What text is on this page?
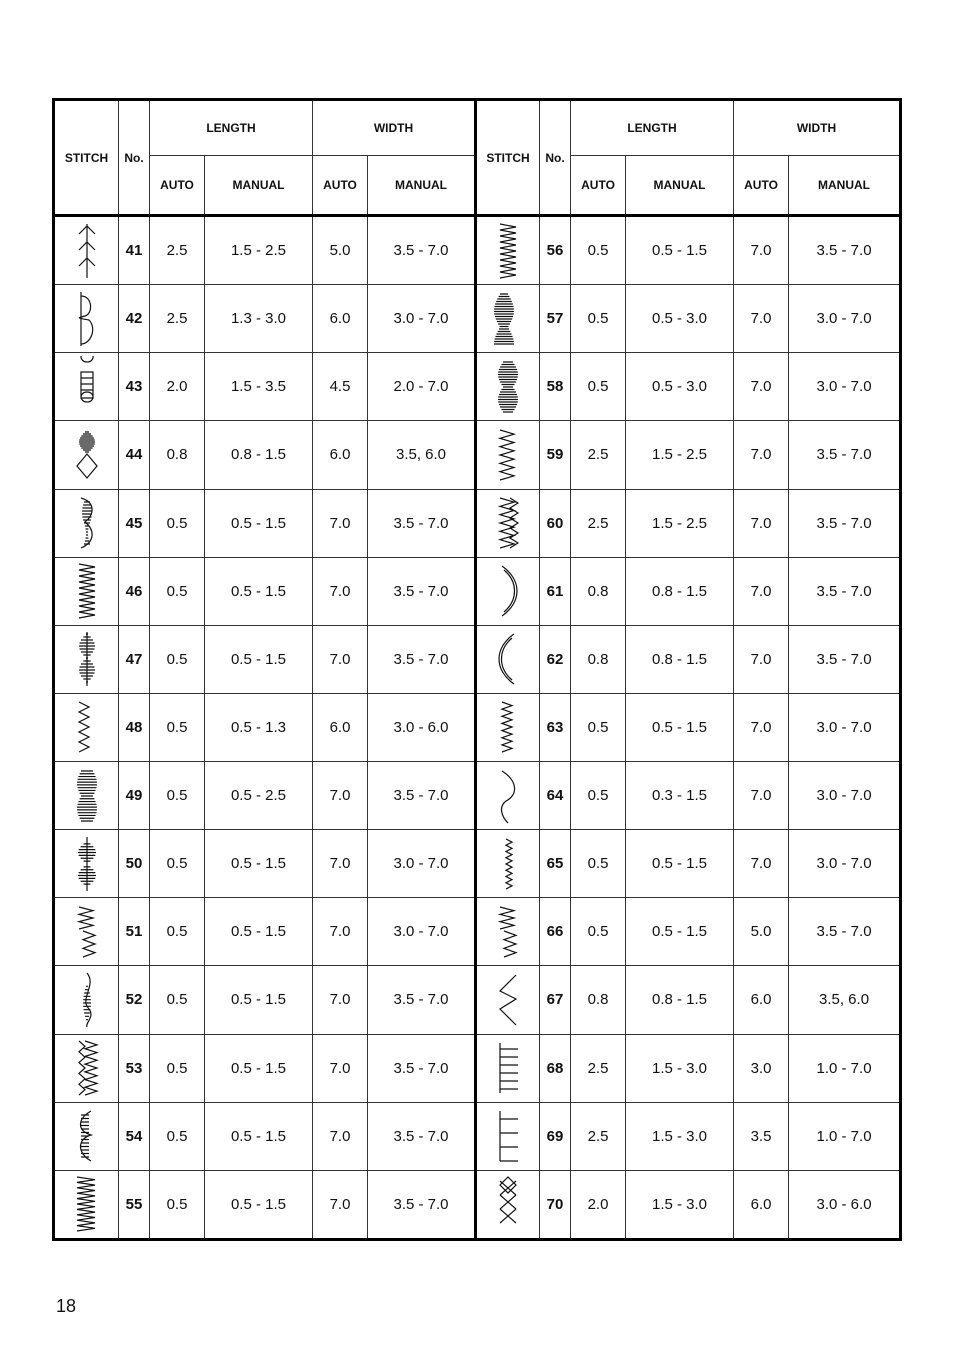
STITCH	No.	LENGTH		WIDTH		STITCH	No.	LENGTH		WIDTH	
		AUTO	MANUAL	AUTO	MANUAL			AUTO	MANUAL	AUTO	MANUAL

	41	2.5	1.5 - 2.5	5.0	3.5 - 7.0		56	0.5	0.5 - 1.5	7.0	3.5 - 7.0

	42	2.5	1.3 - 3.0	6.0	3.0 - 7.0		57	0.5	0.5 - 3.0	7.0	3.0 - 7.0

	43	2.0	1.5 - 3.5	4.5	2.0 - 7.0		58	0.5	0.5 - 3.0	7.0	3.0 - 7.0

	44	0.8	0.8 - 1.5	6.0	3.5, 6.0		59	2.5	1.5 - 2.5	7.0	3.5 - 7.0

	45	0.5	0.5 - 1.5	7.0	3.5 - 7.0		60	2.5	1.5 - 2.5	7.0	3.5 - 7.0

	46	0.5	0.5 - 1.5	7.0	3.5 - 7.0		61	0.8	0.8 - 1.5	7.0	3.5 - 7.0

	47	0.5	0.5 - 1.5	7.0	3.5 - 7.0		62	0.8	0.8 - 1.5	7.0	3.5 - 7.0

	48	0.5	0.5 - 1.3	6.0	3.0 - 6.0		63	0.5	0.5 - 1.5	7.0	3.0 - 7.0

	49	0.5	0.5 - 2.5	7.0	3.5 - 7.0		64	0.5	0.3 - 1.5	7.0	3.0 - 7.0

	50	0.5	0.5 - 1.5	7.0	3.0 - 7.0		65	0.5	0.5 - 1.5	7.0	3.0 - 7.0

	51	0.5	0.5 - 1.5	7.0	3.0 - 7.0		66	0.5	0.5 - 1.5	5.0	3.5 - 7.0

	52	0.5	0.5 - 1.5	7.0	3.5 - 7.0		67	0.8	0.8 - 1.5	6.0	3.5, 6.0

	53	0.5	0.5 - 1.5	7.0	3.5 - 7.0		68	2.5	1.5 - 3.0	3.0	1.0 - 7.0

	54	0.5	0.5 - 1.5	7.0	3.5 - 7.0		69	2.5	1.5 - 3.0	3.5	1.0 - 7.0

	55	0.5	0.5 - 1.5	7.0	3.5 - 7.0		70	2.0	1.5 - 3.0	6.0	3.0 - 6.0
18
